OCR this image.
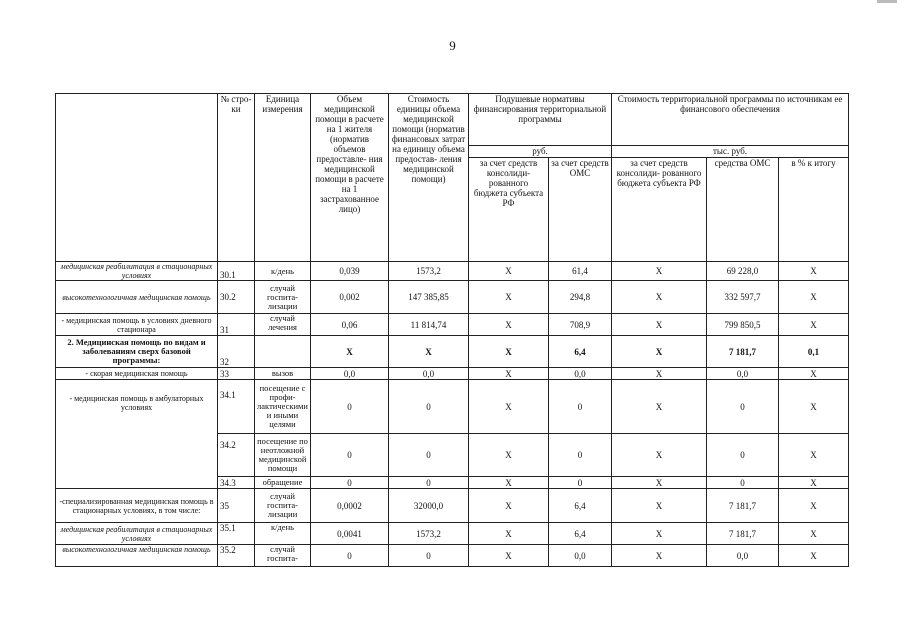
9
	№ стро- ки	Единица измерения	Объем медицинской помощи в расчете на 1 жителя (норматив объемов предоставле- ния медицинской помощи в расчете на 1 застрахованное лицо)	Стоимость единицы объема медицинской помощи (норматив финансовых затрат на единицу объема предостав- ления медицинской помощи)	Подушевые нормативы финансирования территориальной программы		Стоимость территориальной программы по источникам ее финансового обеспечения		
					руб.		тыс. руб.		
					за счет средств консолиди- рованного бюджета субъекта РФ	за счет средств ОМС	за счет средств консолиди- рованного бюджета субъекта РФ	средства ОМС	в % к итогу
медицинская реабилитация в стационарных условиях	30.1	к/день	0,039	1573,2	X	61,4	X	69 228,0	X
высокотехнологичная медицинская помощь	30.2	случай госпита- лизации	0,002	147 385,85	X	294,8	X	332 597,7	X
- медицинская помощь в условиях дневного стационара	31	случай лечения	0,06	11 814,74	X	708,9	X	799 850,5	X
2. Медицинская помощь по видам и заболеваниям сверх базовой программы:	32		X	X	X	6,4	X	7 181,7	0,1
- скорая медицинская помощь	33	вызов	0,0	0,0	X	0,0	X	0,0	X
- медицинская помощь в амбулаторных условиях	34.1	посещение с профи- лактическими и иными целями	0	0	X	0	X	0	X
	34.2	посещение по неотложной медицинской помощи	0	0	X	0	X	0	X
	34.3	обращение	0	0	X	0	X	0	X
-специализированная медицинская помощь в стационарных условиях, в том числе:	35	случай госпита- лизации	0,0002	32000,0	X	6,4	X	7 181,7	X
медицинская реабилитация в стационарных условиях	35.1	к/день	0,0041	1573,2	X	6,4	X	7 181,7	X
высокотехнологичная медицинская помощь	35.2	случай госпита-	0	0	X	0,0	X	0,0	X
